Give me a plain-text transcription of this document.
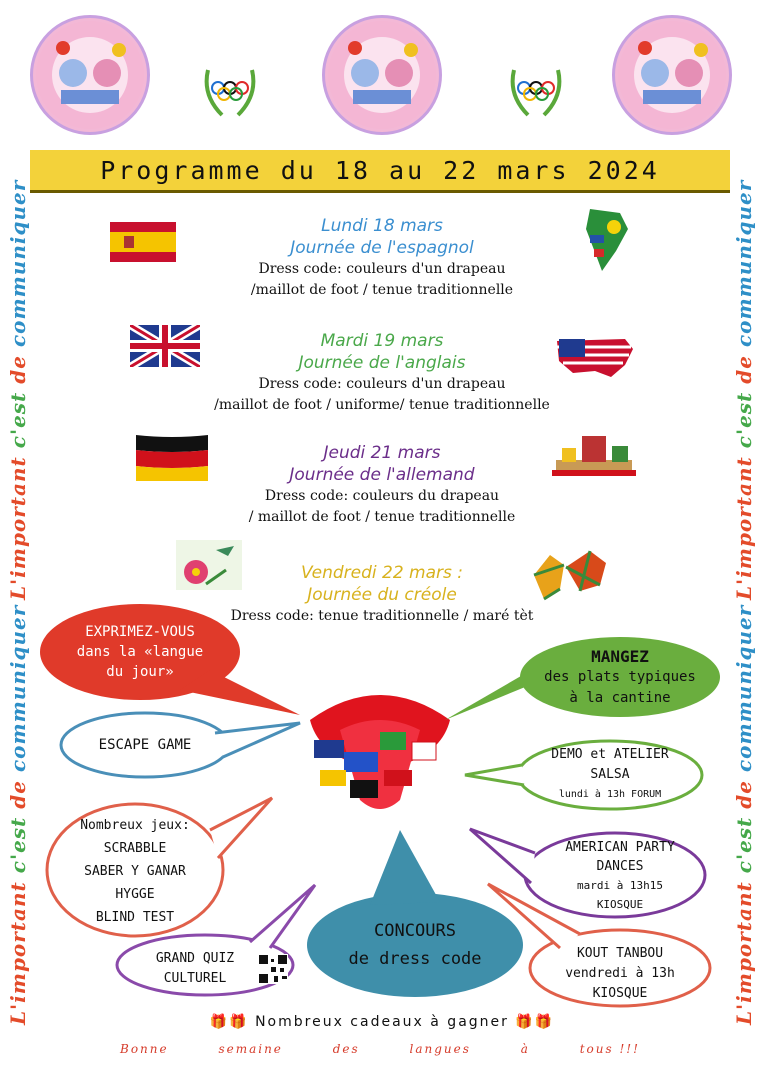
Programme du 18 au 22 mars 2024
L'important c'est de communiquer
L'important c'est de communiquer
L'important c'est de communiquer
L'important c'est de communiquer
Lundi 18 mars
Journée de l'espagnol
Dress code: couleurs d'un drapeau
/maillot de foot / tenue traditionnelle
Mardi 19 mars
Journée de l'anglais
Dress code: couleurs d'un drapeau
/maillot de foot / uniforme/ tenue traditionnelle
Jeudi 21 mars
Journée de l'allemand
Dress code: couleurs du drapeau
/ maillot de foot / tenue traditionnelle
Vendredi 22 mars :
Journée du créole
Dress code: tenue traditionnelle / maré tèt
EXPRIMEZ-VOUS
dans la «langue
du jour»
MANGEZ
des plats typiques
à la cantine
ESCAPE GAME
DEMO et ATELIER
SALSA
lundi à 13h FORUM
Nombreux jeux:
SCRABBLE
SABER Y GANAR
HYGGE
BLIND TEST
AMERICAN PARTY
DANCES
mardi à 13h15
KIOSQUE
CONCOURS
de dress code
GRAND QUIZ
CULTUREL
KOUT TANBOU
vendredi à 13h
KIOSQUE
🎁🎁 Nombreux cadeaux à gagner 🎁🎁
Bonne	semaine	des	langues	à	tous !!!
